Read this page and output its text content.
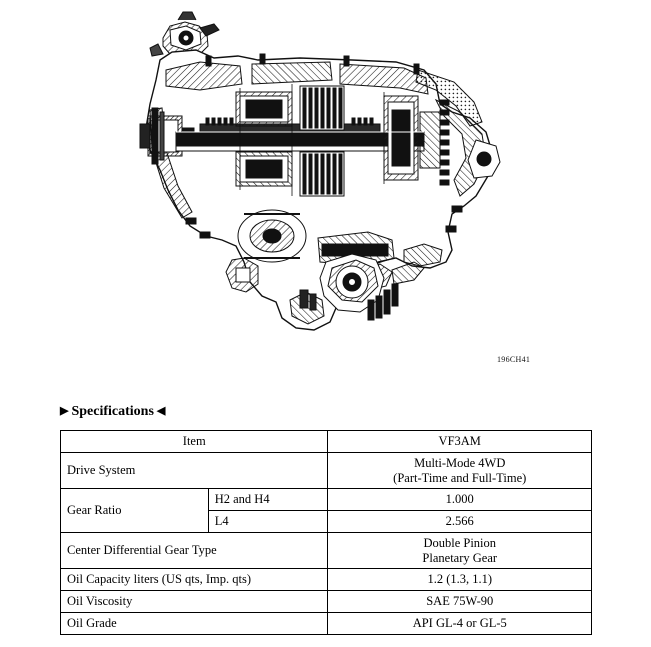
196CH41
▶ Specifications ◀
Item		VF3AM
Drive System		Multi-Mode 4WD
(Part-Time and Full-Time)

Gear Ratio	H2 and H4	1.000
	L4	2.566
Center Differential Gear Type		Double Pinion
Planetary Gear

Oil Capacity liters (US qts, Imp. qts)		1.2 (1.3, 1.1)
Oil Viscosity		SAE 75W-90
Oil Grade		API GL-4 or GL-5
